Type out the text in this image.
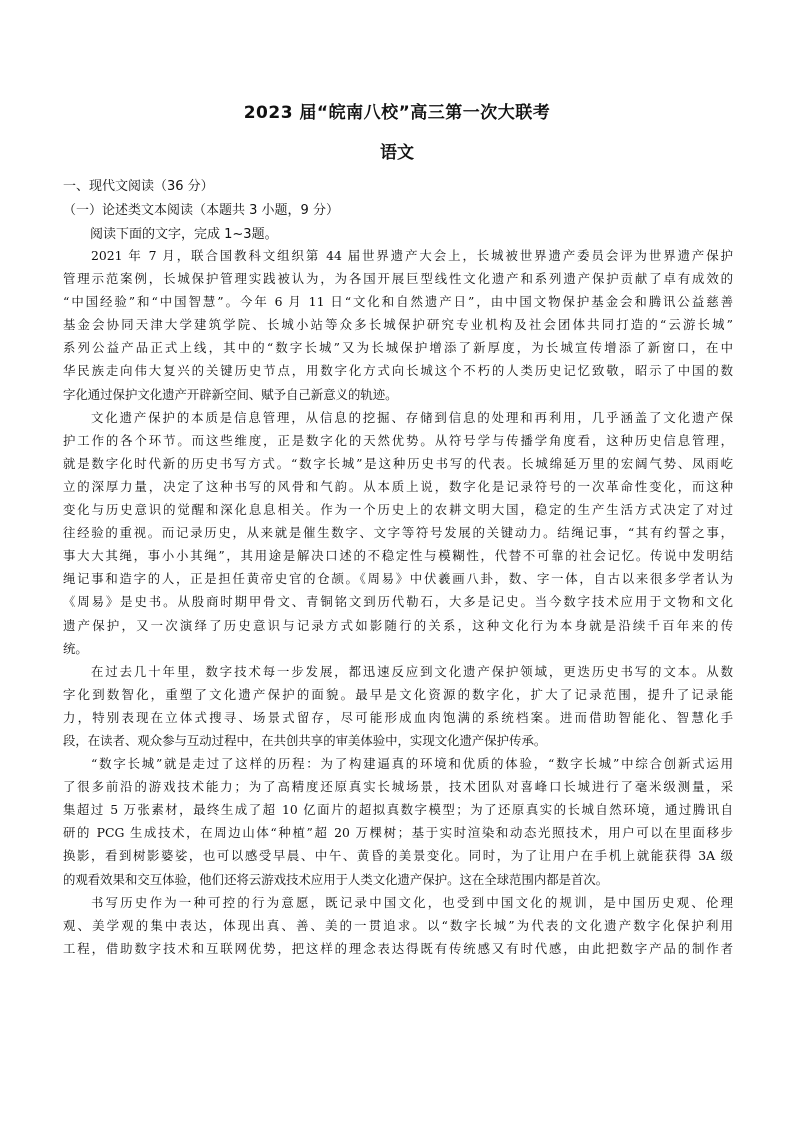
2023 届“皖南八校”高三第一次大联考
语文
一、现代文阅读（36 分）
（一）论述类文本阅读（本题共 3 小题，9 分）
阅读下面的文字，完成 1~3题。
2021 年 7 月，联合国教科文组织第 44 届世界遗产大会上，长城被世界遗产委员会评为世界遗产保护
管理示范案例，长城保护管理实践被认为，为各国开展巨型线性文化遗产和系列遗产保护贡献了卓有成效的
“中国经验”和“中国智慧”。今年 6 月 11 日“文化和自然遗产日”，由中国文物保护基金会和腾讯公益慈善
基金会协同天津大学建筑学院、长城小站等众多长城保护研究专业机构及社会团体共同打造的“云游长城”
系列公益产品正式上线，其中的“数字长城”又为长城保护增添了新厚度，为长城宣传增添了新窗口，在中
华民族走向伟大复兴的关键历史节点，用数字化方式向长城这个不朽的人类历史记忆致敬，昭示了中国的数
字化通过保护文化遗产开辟新空间、赋予自己新意义的轨迹。
文化遗产保护的本质是信息管理，从信息的挖掘、存储到信息的处理和再利用，几乎涵盖了文化遗产保
护工作的各个环节。而这些维度，正是数字化的天然优势。从符号学与传播学角度看，这种历史信息管理，
就是数字化时代新的历史书写方式。“数字长城”是这种历史书写的代表。长城绵延万里的宏阔气势、凤雨屹
立的深厚力量，决定了这种书写的风骨和气韵。从本质上说，数字化是记录符号的一次革命性变化，而这种
变化与历史意识的觉醒和深化息息相关。作为一个历史上的农耕文明大国，稳定的生产生活方式决定了对过
往经验的重视。而记录历史，从来就是催生数字、文字等符号发展的关键动力。结绳记事，“其有约誓之事，
事大大其绳，事小小其绳”，其用途是解决口述的不稳定性与模糊性，代替不可靠的社会记忆。传说中发明结
绳记事和造字的人，正是担任黄帝史官的仓颉。《周易》中伏羲画八卦，数、字一体，自古以来很多学者认为
《周易》是史书。从殷商时期甲骨文、青铜铭文到历代勒石，大多是记史。当今数字技术应用于文物和文化
遗产保护，又一次演绎了历史意识与记录方式如影随行的关系，这种文化行为本身就是沿续千百年来的传
统。
在过去几十年里，数字技术每一步发展，都迅速反应到文化遗产保护领域，更迭历史书写的文本。从数
字化到数智化，重塑了文化遗产保护的面貌。最早是文化资源的数字化，扩大了记录范围，提升了记录能
力，特别表现在立体式搜寻、场景式留存，尽可能形成血肉饱满的系统档案。进而借助智能化、智慧化手
段，在读者、观众参与互动过程中，在共创共享的审美体验中，实现文化遗产保护传承。
“数字长城”就是走过了这样的历程：为了构建逼真的环境和优质的体验，“数字长城”中综合创新式运用
了很多前沿的游戏技术能力；为了高精度还原真实长城场景，技术团队对喜峰口长城进行了毫米级测量，采
集超过 5 万张素材，最终生成了超 10 亿面片的超拟真数字模型；为了还原真实的长城自然环境，通过腾讯自
研的 PCG 生成技术，在周边山体“种植”超 20 万棵树；基于实时渲染和动态光照技术，用户可以在里面移步
换影，看到树影婆娑，也可以感受早晨、中午、黄昏的美景变化。同时，为了让用户在手机上就能获得 3A 级
的观看效果和交互体验，他们还将云游戏技术应用于人类文化遗产保护。这在全球范围内都是首次。
书写历史作为一种可控的行为意愿，既记录中国文化，也受到中国文化的规训，是中国历史观、伦理
观、美学观的集中表达，体现出真、善、美的一贯追求。以“数字长城”为代表的文化遗产数字化保护利用
工程，借助数字技术和互联网优势，把这样的理念表达得既有传统感又有时代感，由此把数字产品的制作者
